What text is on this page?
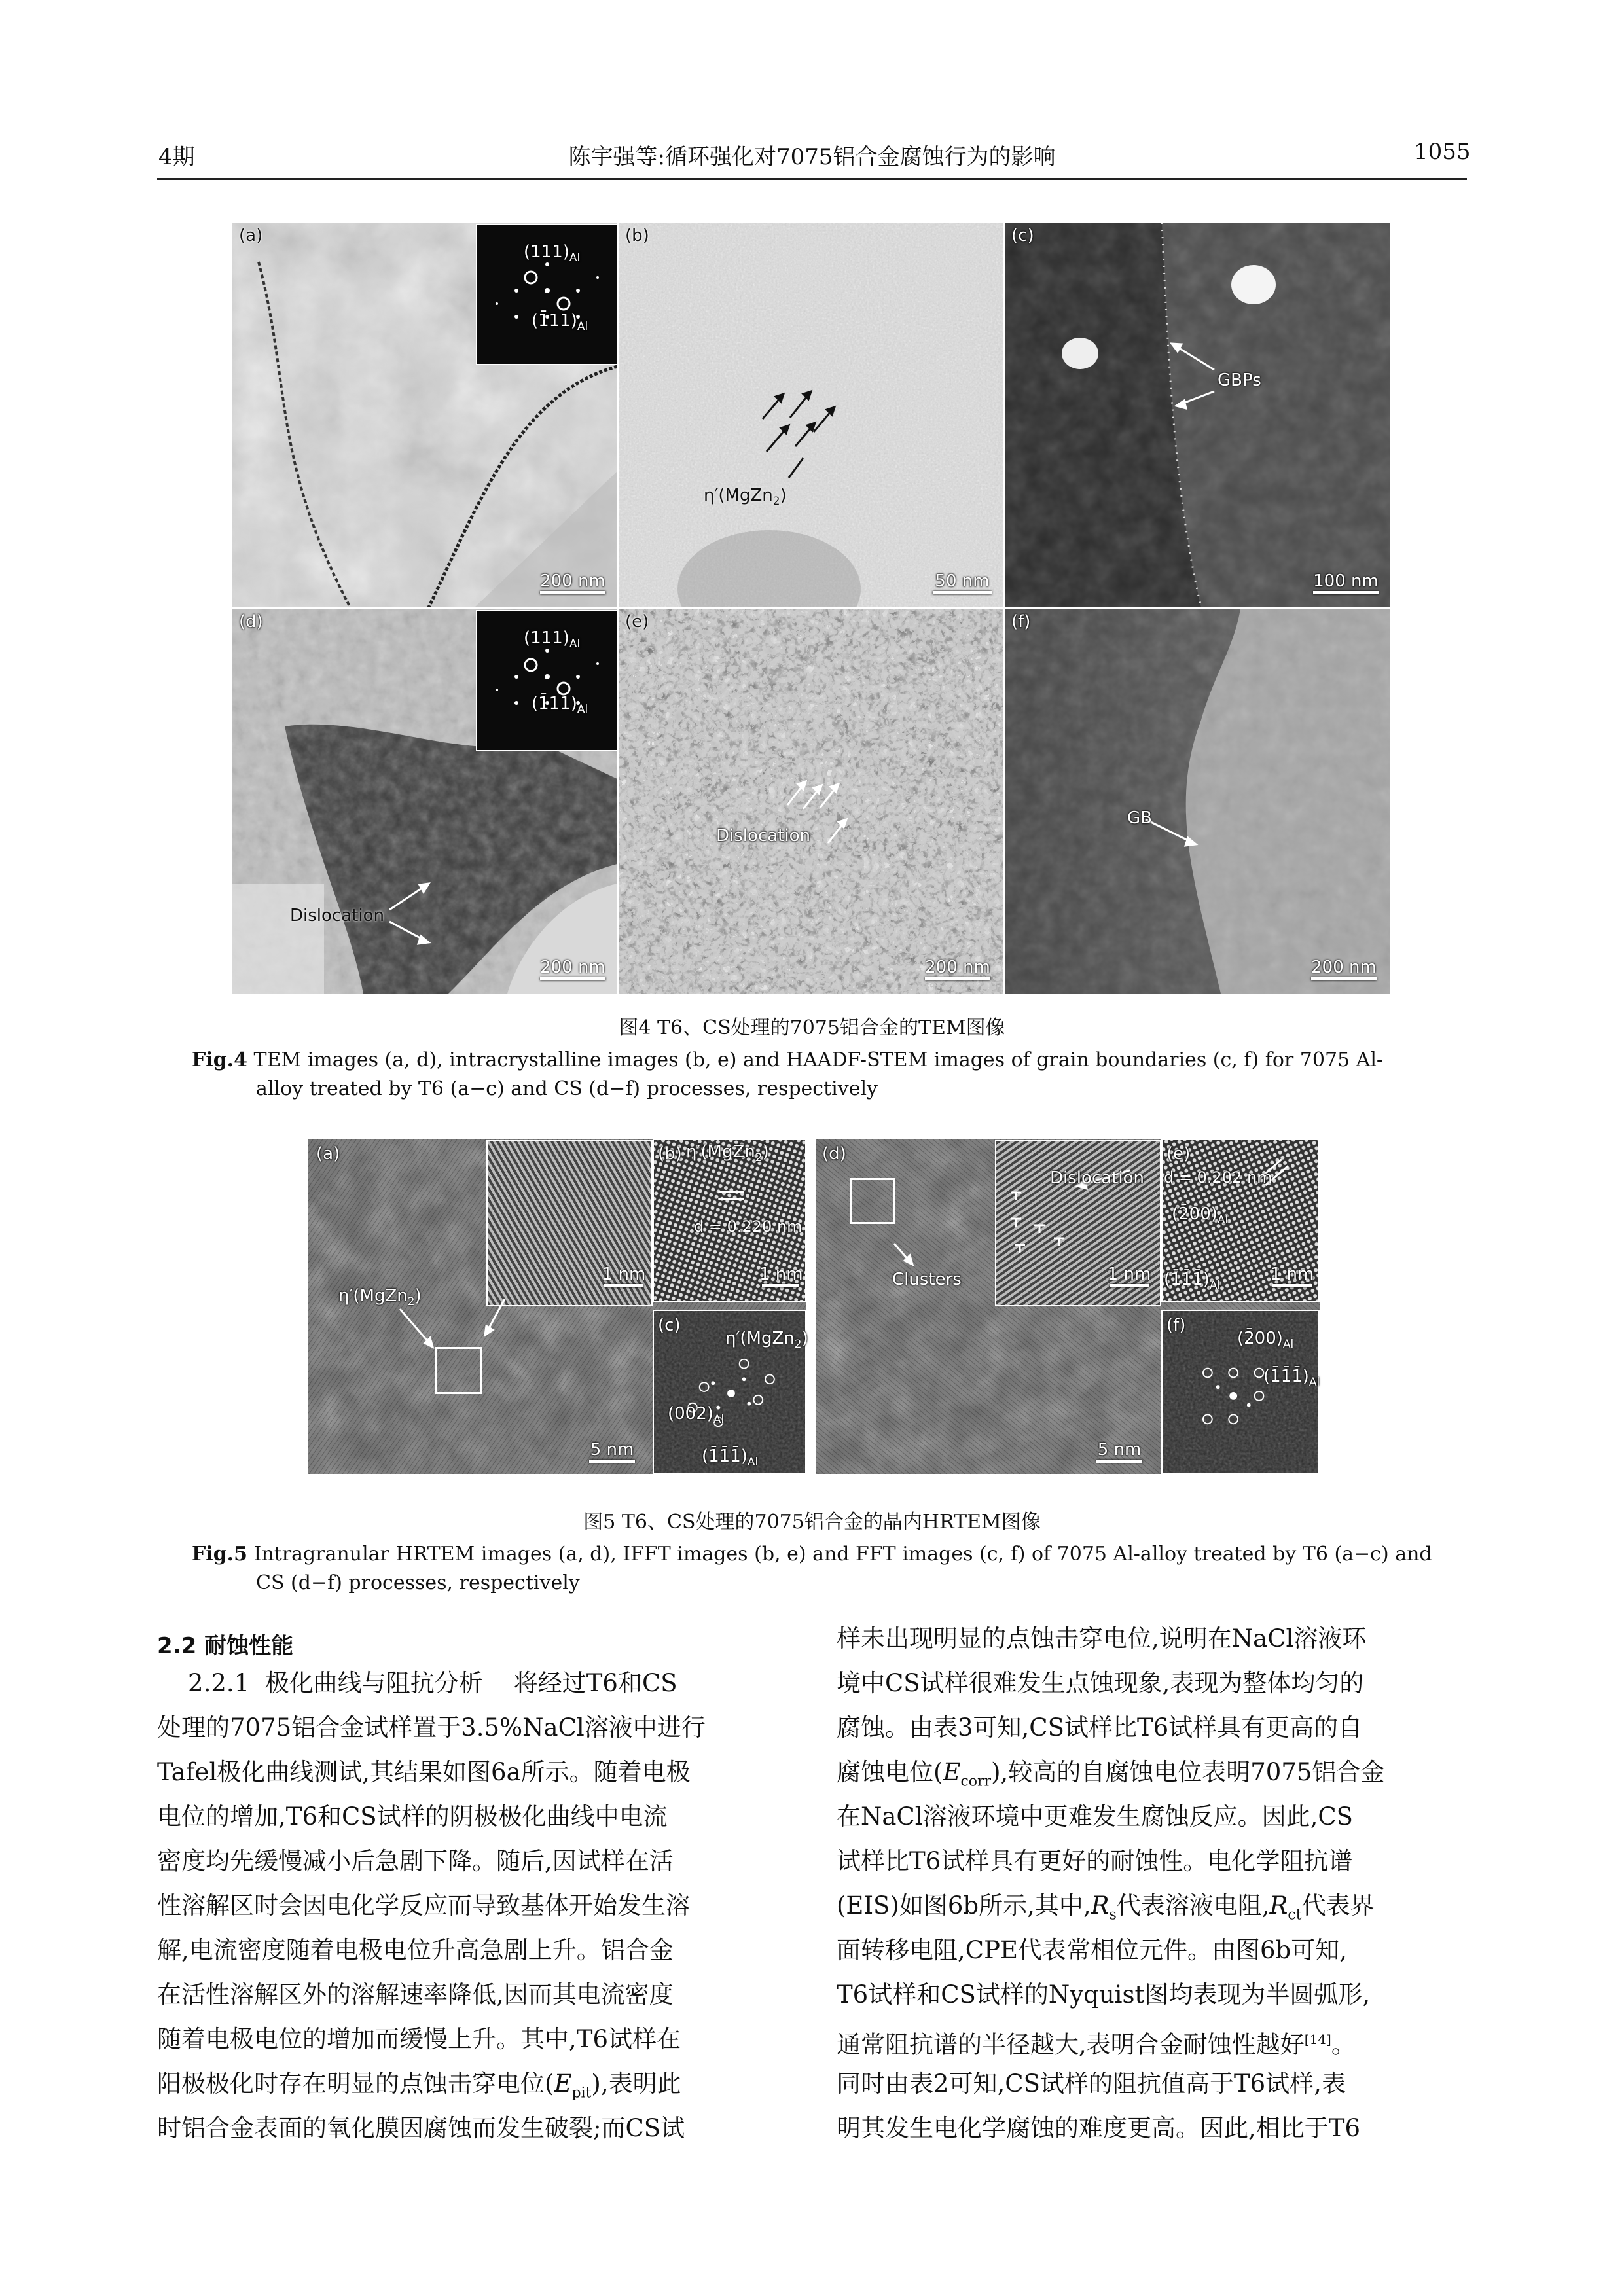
4期	陈宇强等:循环强化对7075铝合金腐蚀行为的影响	1055
$(111)_{Al}$
$(1̄11)_{Al}$
(a)
200 nm
η′(MgZn$_2$)
(b)
50 nm
GBPs
(c)
100 nm
$(111)_{Al}$
$(1̄11)_{Al}$
Dislocation
(d)
200 nm
Dislocation
(e)
200 nm
GB
(f)
200 nm
图4 T6、CS处理的7075铝合金的TEM图像
Fig.4 TEM images (a, d), intracrystalline images (b, e) and HAADF-STEM images of grain boundaries (c, f) for 7075 Al-
alloy treated by T6 (a−c) and CS (d−f) processes, respectively
η′(MgZn$_2$)
(a)
1 nm
5 nm
(b) η′(MgZn$_2$)
d = 0.220 nm
1 nm
(c)
η′(MgZn$_2$)
$(002)_{Al}$
$(1̄1̄1̄)_{Al}$
Dislocation
Clusters
(d)
1 nm
5 nm
(e)
d = 0.202 nm
$(2̄00)_{Al}$
$(1̄1̄1̄)_{Al}$
1 nm
(f)
$(2̄00)_{Al}$
$(1̄1̄1̄)_{Al}$
图5 T6、CS处理的7075铝合金的晶内HRTEM图像
Fig.5 Intragranular HRTEM images (a, d), IFFT images (b, e) and FFT images (c, f) of 7075 Al-alloy treated by T6 (a−c) and
CS (d−f) processes, respectively
2.2 耐蚀性能
2.2.1  极化曲线与阻抗分析    将经过T6和CS
处理的7075铝合金试样置于3.5%NaCl溶液中进行
Tafel极化曲线测试,其结果如图6a所示。随着电极
电位的增加,T6和CS试样的阴极极化曲线中电流
密度均先缓慢减小后急剧下降。随后,因试样在活
性溶解区时会因电化学反应而导致基体开始发生溶
解,电流密度随着电极电位升高急剧上升。铝合金
在活性溶解区外的溶解速率降低,因而其电流密度
随着电极电位的增加而缓慢上升。其中,T6试样在
阳极极化时存在明显的点蚀击穿电位$(E_{pit})$,表明此
时铝合金表面的氧化膜因腐蚀而发生破裂;而CS试
样未出现明显的点蚀击穿电位,说明在NaCl溶液环
境中CS试样很难发生点蚀现象,表现为整体均匀的
腐蚀。由表3可知,CS试样比T6试样具有更高的自
腐蚀电位$(E_{corr})$,较高的自腐蚀电位表明7075铝合金
在NaCl溶液环境中更难发生腐蚀反应。因此,CS
试样比T6试样具有更好的耐蚀性。电化学阻抗谱
(EIS)如图6b所示,其中$,R_s$代表溶液电阻$,R_{ct}$代表界
面转移电阻,CPE代表常相位元件。由图6b可知,
T6试样和CS试样的Nyquist图均表现为半圆弧形,
通常阻抗谱的半径越大,表明合金耐蚀性越好[14]。
同时由表2可知,CS试样的阻抗值高于T6试样,表
明其发生电化学腐蚀的难度更高。因此,相比于T6
